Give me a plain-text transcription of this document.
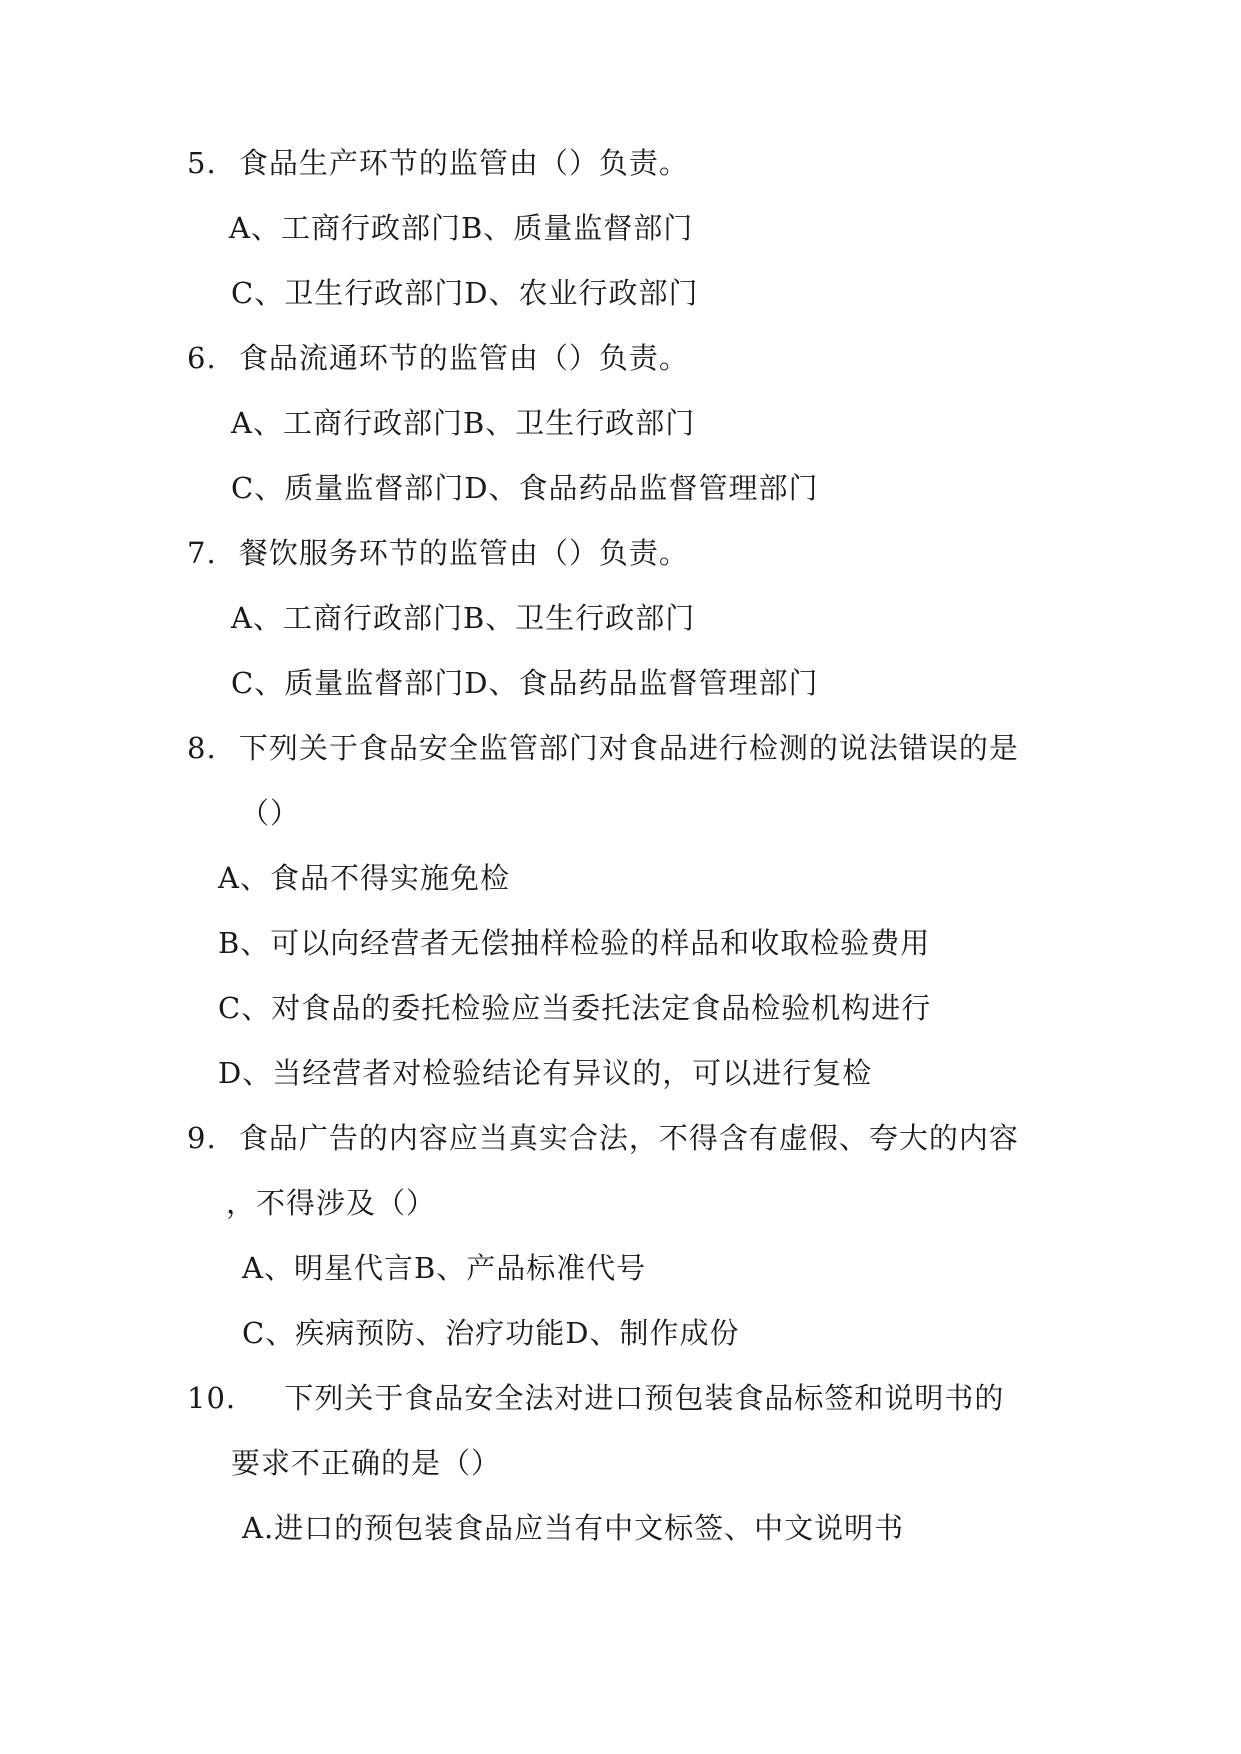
5. 食品生产环节的监管由（）负责。
A、工商行政部门B、质量监督部门
C、卫生行政部门D、农业行政部门
6. 食品流通环节的监管由（）负责。
A、工商行政部门B、卫生行政部门
C、质量监督部门D、食品药品监督管理部门
7. 餐饮服务环节的监管由（）负责。
A、工商行政部门B、卫生行政部门
C、质量监督部门D、食品药品监督管理部门
8. 下列关于食品安全监管部门对食品进行检测的说法错误的是
（）
A、食品不得实施免检
B、可以向经营者无偿抽样检验的样品和收取检验费用
C、对食品的委托检验应当委托法定食品检验机构进行
D、当经营者对检验结论有异议的，可以进行复检
9. 食品广告的内容应当真实合法，不得含有虚假、夸大的内容
，不得涉及（）
A、明星代言B、产品标准代号
C、疾病预防、治疗功能D、制作成份
10. 下列关于食品安全法对进口预包装食品标签和说明书的
要求不正确的是（）
A.进口的预包装食品应当有中文标签、中文说明书
